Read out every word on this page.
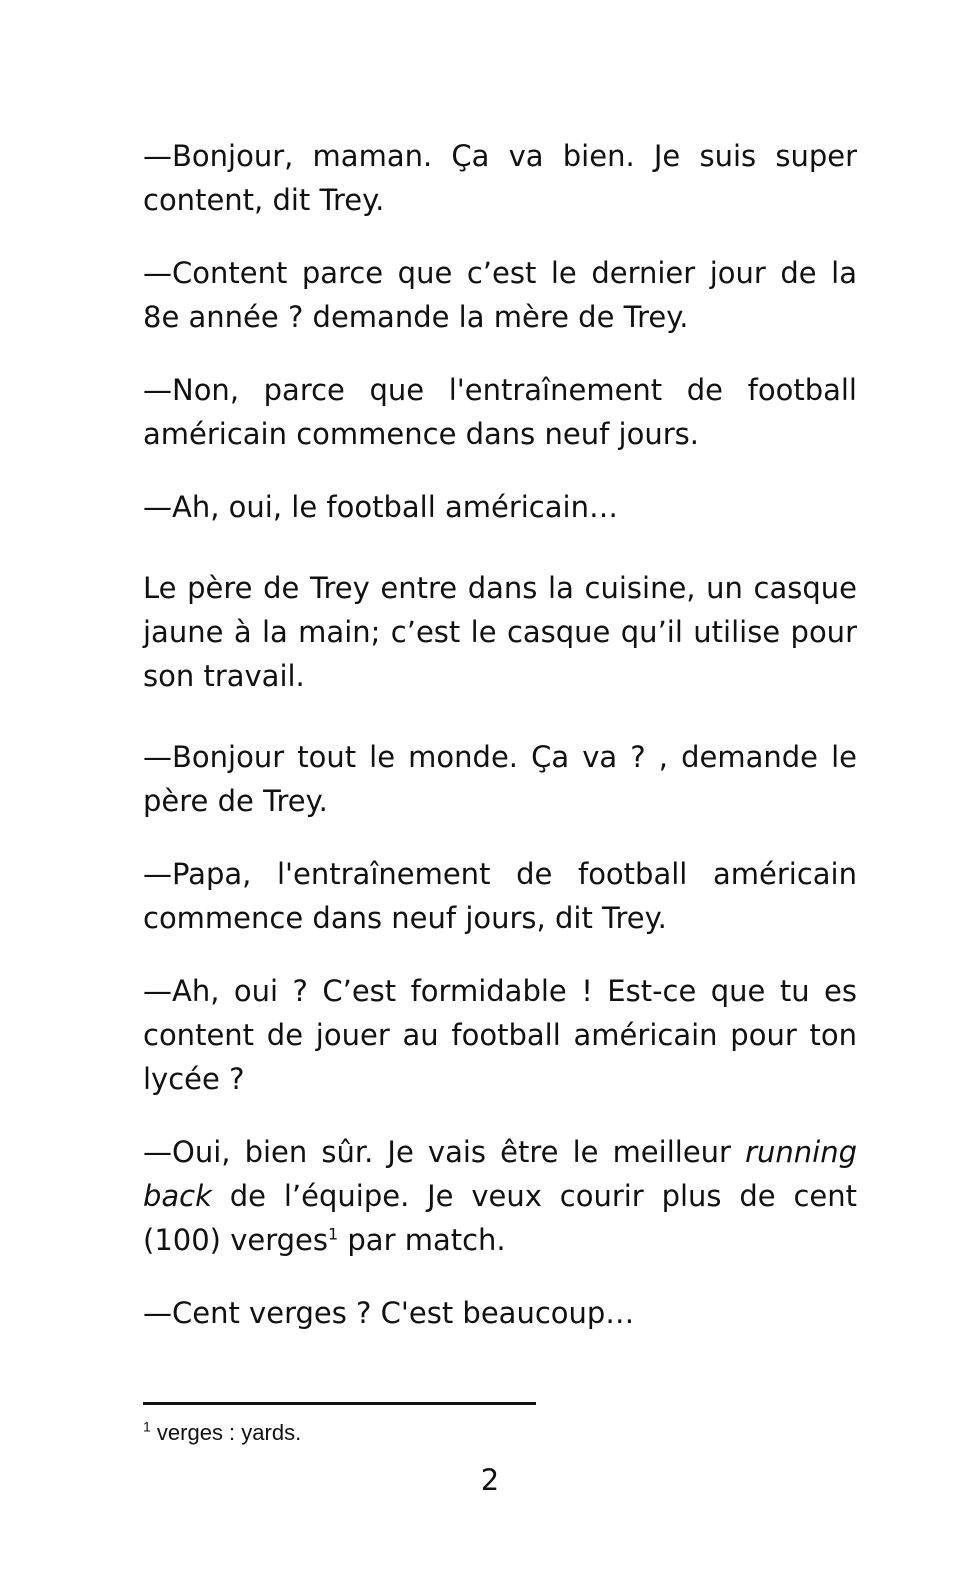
—Bonjour, maman. Ça va bien. Je suis super content, dit Trey.

—Content parce que c’est le dernier jour de la 8e année ? demande la mère de Trey.

—Non, parce que l'entraînement de football américain commence dans neuf jours.

—Ah, oui, le football américain…

Le père de Trey entre dans la cuisine, un casque jaune à la main; c’est le casque qu’il utilise pour son travail.

—Bonjour tout le monde. Ça va ? , demande le père de Trey.

—Papa, l'entraînement de football américain commence dans neuf jours, dit Trey.

—Ah, oui ? C’est formidable ! Est-ce que tu es content de jouer au football américain pour ton lycée ?

—Oui, bien sûr. Je vais être le meilleur running back de l’équipe. Je veux courir plus de cent (100) verges$^1$ par match.

—Cent verges ? C'est beaucoup…

$^1$ verges : yards.
2
